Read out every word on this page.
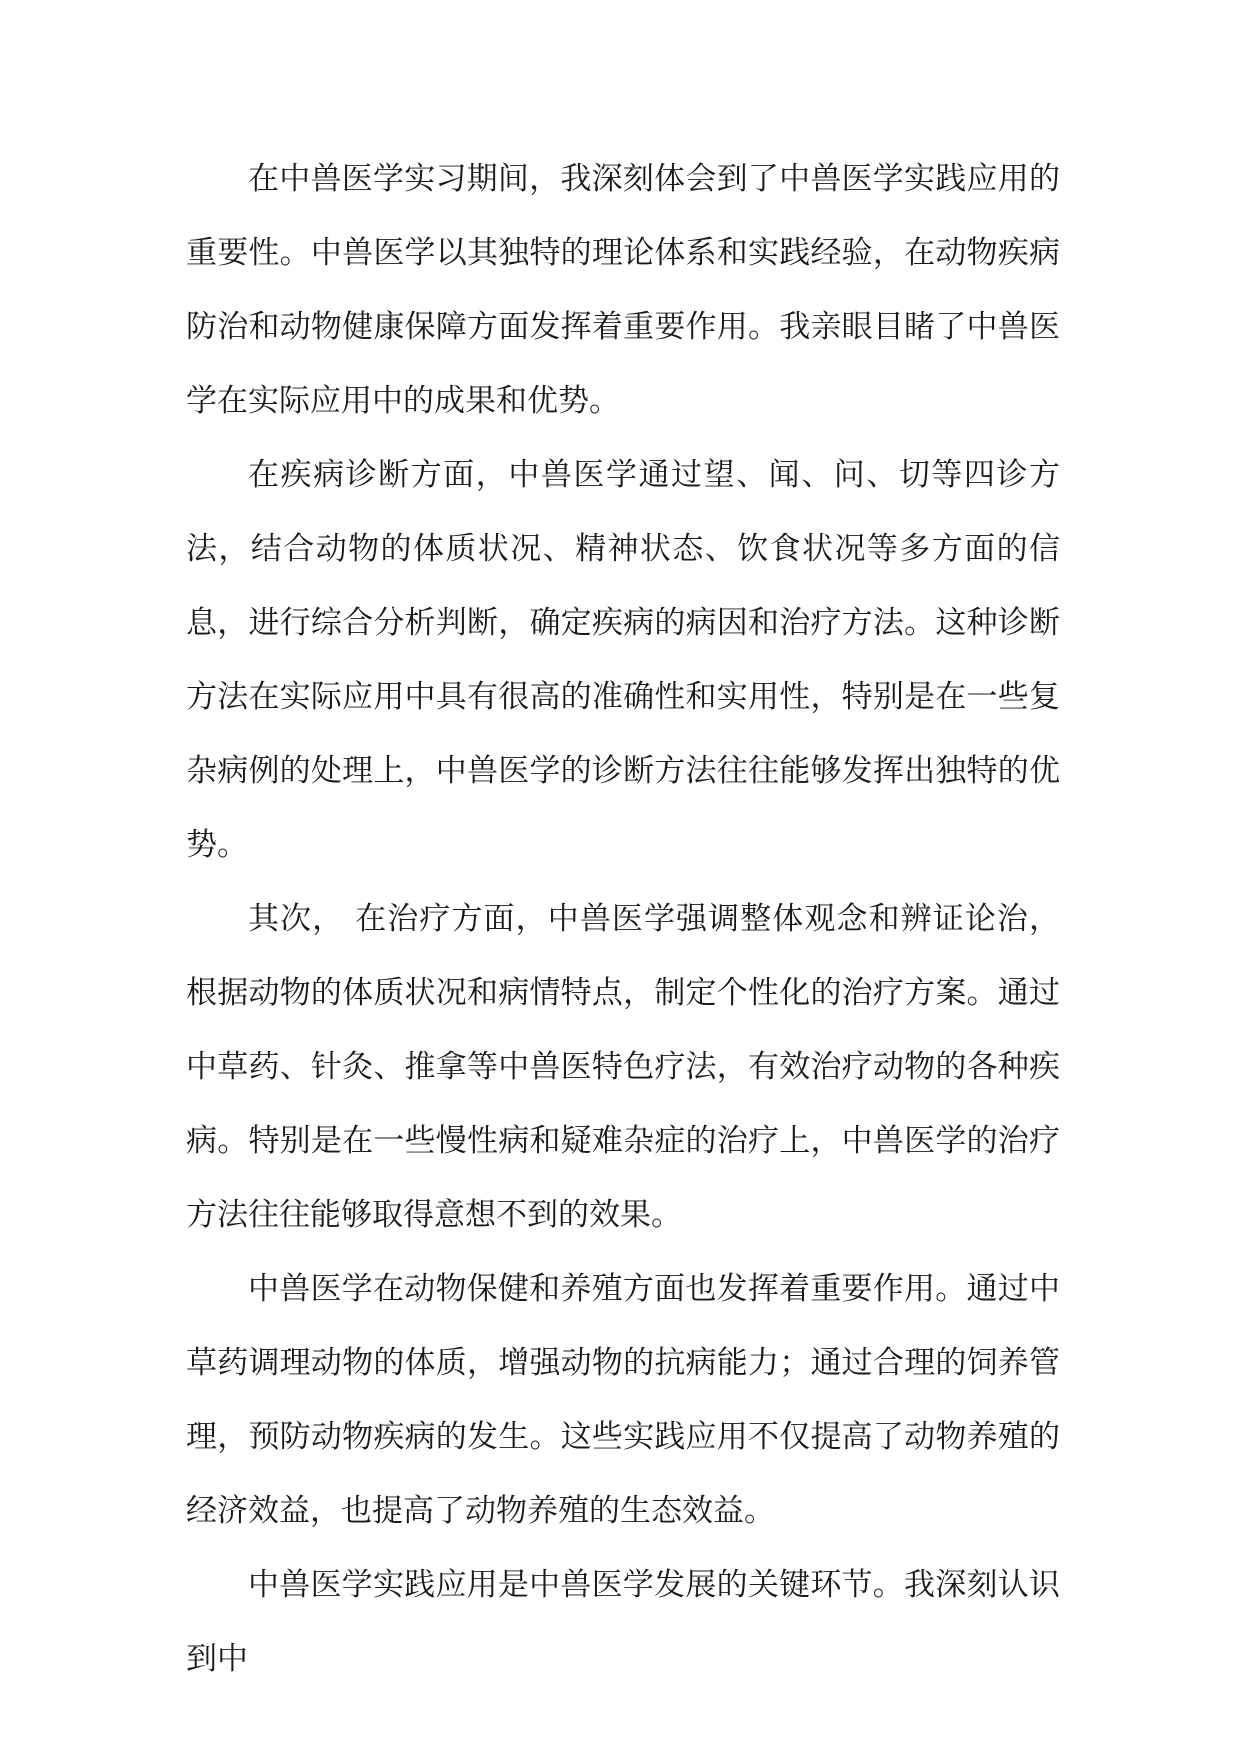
在中兽医学实习期间，我深刻体会到了中兽医学实践应用的重要性。中兽医学以其独特的理论体系和实践经验，在动物疾病防治和动物健康保障方面发挥着重要作用。我亲眼目睹了中兽医学在实际应用中的成果和优势。

在疾病诊断方面，中兽医学通过望、闻、问、切等四诊方法，结合动物的体质状况、精神状态、饮食状况等多方面的信息，进行综合分析判断，确定疾病的病因和治疗方法。这种诊断方法在实际应用中具有很高的准确性和实用性，特别是在一些复杂病例的处理上，中兽医学的诊断方法往往能够发挥出独特的优势。

其次， 在治疗方面，中兽医学强调整体观念和辨证论治，根据动物的体质状况和病情特点，制定个性化的治疗方案。通过中草药、针灸、推拿等中兽医特色疗法，有效治疗动物的各种疾病。特别是在一些慢性病和疑难杂症的治疗上，中兽医学的治疗方法往往能够取得意想不到的效果。

中兽医学在动物保健和养殖方面也发挥着重要作用。通过中草药调理动物的体质，增强动物的抗病能力；通过合理的饲养管理，预防动物疾病的发生。这些实践应用不仅提高了动物养殖的经济效益，也提高了动物养殖的生态效益。

中兽医学实践应用是中兽医学发展的关键环节。我深刻认识到中
